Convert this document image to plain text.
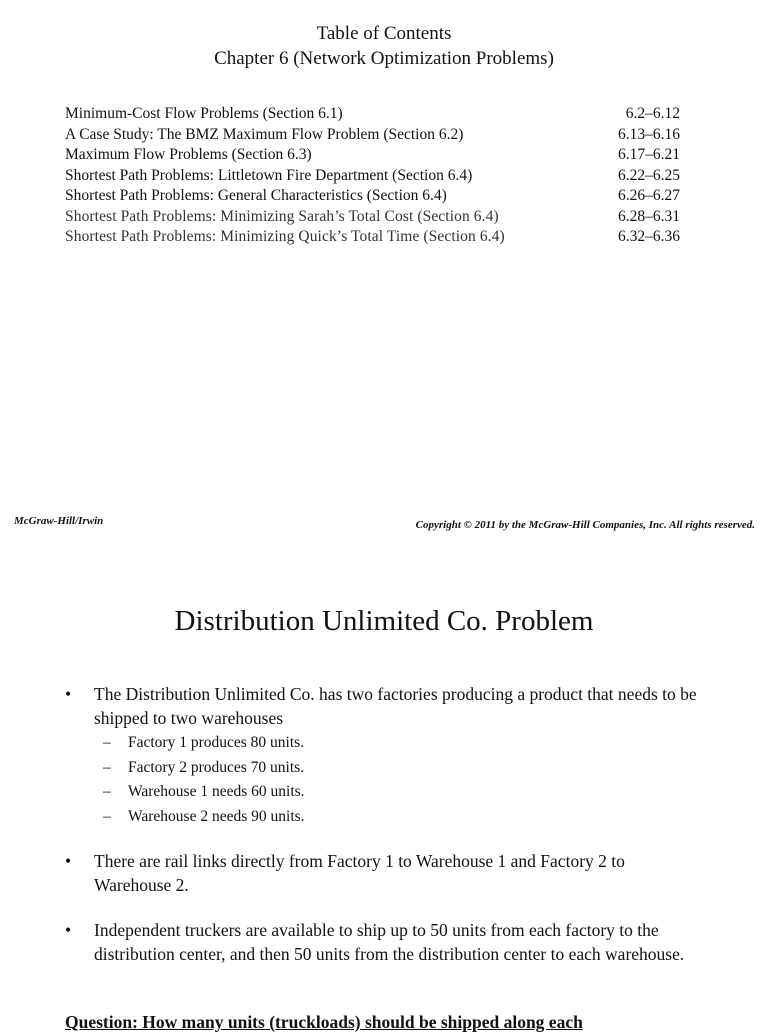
Table of Contents
Chapter 6 (Network Optimization Problems)
Minimum-Cost Flow Problems (Section 6.1)	6.2–6.12
A Case Study: The BMZ Maximum Flow Problem (Section 6.2)	6.13–6.16
Maximum Flow Problems (Section 6.3)	6.17–6.21
Shortest Path Problems: Littletown Fire Department (Section 6.4)	6.22–6.25
Shortest Path Problems: General Characteristics (Section 6.4)	6.26–6.27
Shortest Path Problems: Minimizing Sarah’s Total Cost (Section 6.4)	6.28–6.31
Shortest Path Problems: Minimizing Quick’s Total Time (Section 6.4)	6.32–6.36
McGraw-Hill/Irwin	Copyright © 2011 by the McGraw-Hill Companies, Inc. All rights reserved.
Distribution Unlimited Co. Problem
• The Distribution Unlimited Co. has two factories producing a product that needs to be shipped to two warehouses
– Factory 1 produces 80 units.
– Factory 2 produces 70 units.
– Warehouse 1 needs 60 units.
– Warehouse 2 needs 90 units.
• There are rail links directly from Factory 1 to Warehouse 1 and Factory 2 to Warehouse 2.
• Independent truckers are available to ship up to 50 units from each factory to the distribution center, and then 50 units from the distribution center to each warehouse.
Question: How many units (truckloads) should be shipped along each
